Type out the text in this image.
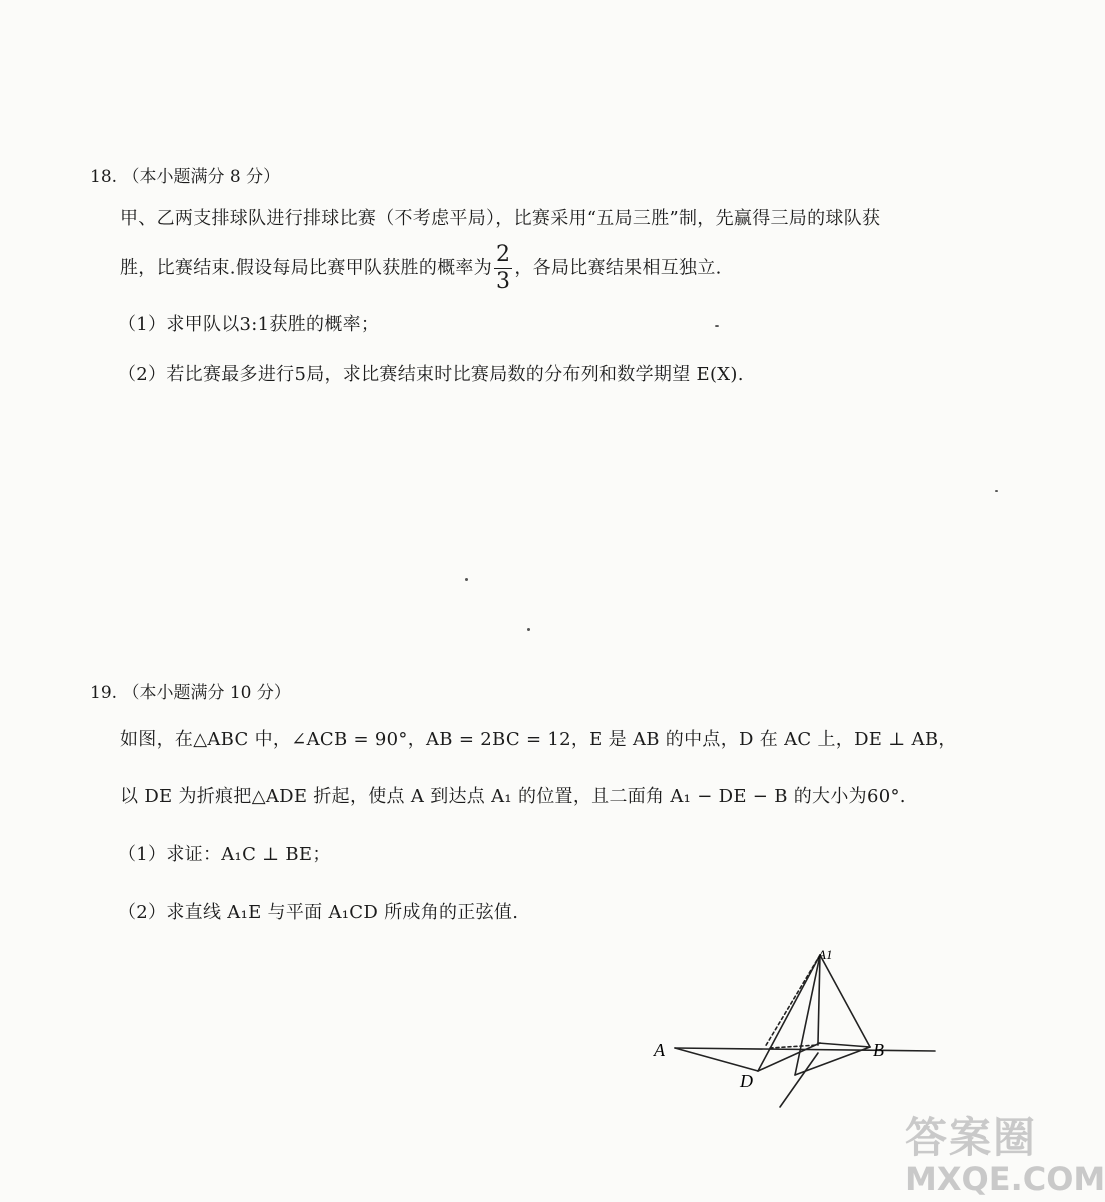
18. （本小题满分 8 分）
甲、乙两支排球队进行排球比赛（不考虑平局），比赛采用“五局三胜”制，先赢得三局的球队获
胜，比赛结束.假设每局比赛甲队获胜的概率为 $\frac{2}{3}$ ，各局比赛结果相互独立.
（1）求甲队以3:1获胜的概率；
（2）若比赛最多进行5局，求比赛结束时比赛局数的分布列和数学期望 E(X).
19. （本小题满分 10 分）
如图，在△ABC 中，∠ACB = 90°，AB = 2BC = 12，E 是 AB 的中点，D 在 AC 上，DE ⊥ AB，
以 DE 为折痕把△ADE 折起，使点 A 到达点 A₁ 的位置，且二面角 A₁ − DE − B 的大小为60°.
（1）求证：A₁C ⊥ BE；
（2）求直线 A₁E 与平面 A₁CD 所成角的正弦值.
A1
A	B
D
答案圈
MXQE.COM
